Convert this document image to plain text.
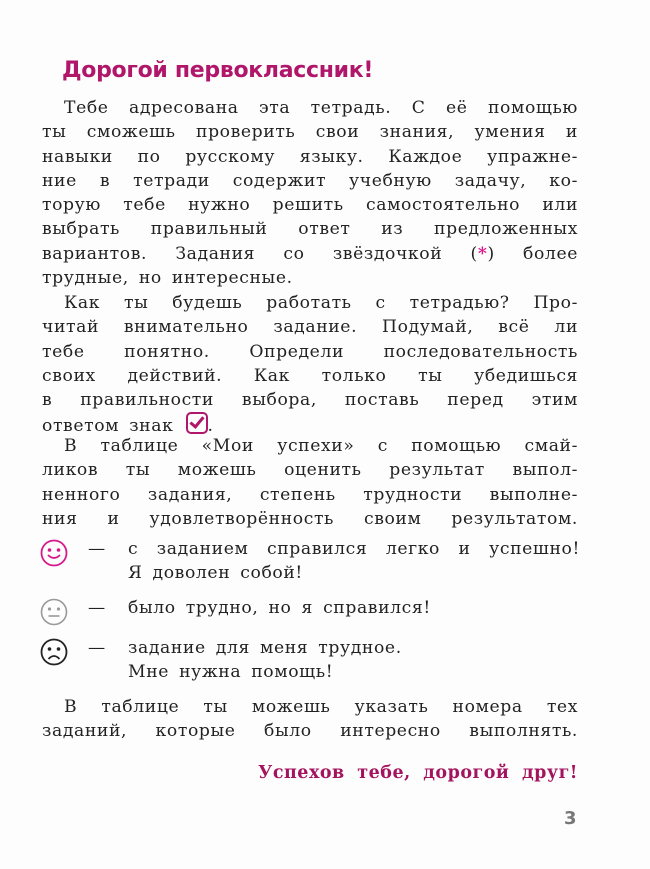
Дорогой первоклассник!
Тебе адресована эта тетрадь. С её помощью
ты сможешь проверить свои знания, умения и
навыки по русскому языку. Каждое упражне-
ние в тетради содержит учебную задачу, ко-
торую тебе нужно решить самостоятельно или
выбрать правильный ответ из предложенных
вариантов. Задания со звёздочкой (*) более
трудные, но интересные.
Как ты будешь работать с тетрадью? Про-
читай внимательно задание. Подумай, всё ли
тебе понятно. Определи последовательность
своих действий. Как только ты убедишься
в правильности выбора, поставь перед этим
ответом знак .
В таблице «Мои успехи» с помощью смай-
ликов ты можешь оценить результат выпол-
ненного задания, степень трудности выполне-
ния и удовлетворённость своим результатом.
— с заданием справился легко и успешно!
Я доволен собой!
— было трудно, но я справился!
— задание для меня трудное.
Мне нужна помощь!
В таблице ты можешь указать номера тех
заданий, которые было интересно выполнять.
Успехов тебе, дорогой друг!
3
